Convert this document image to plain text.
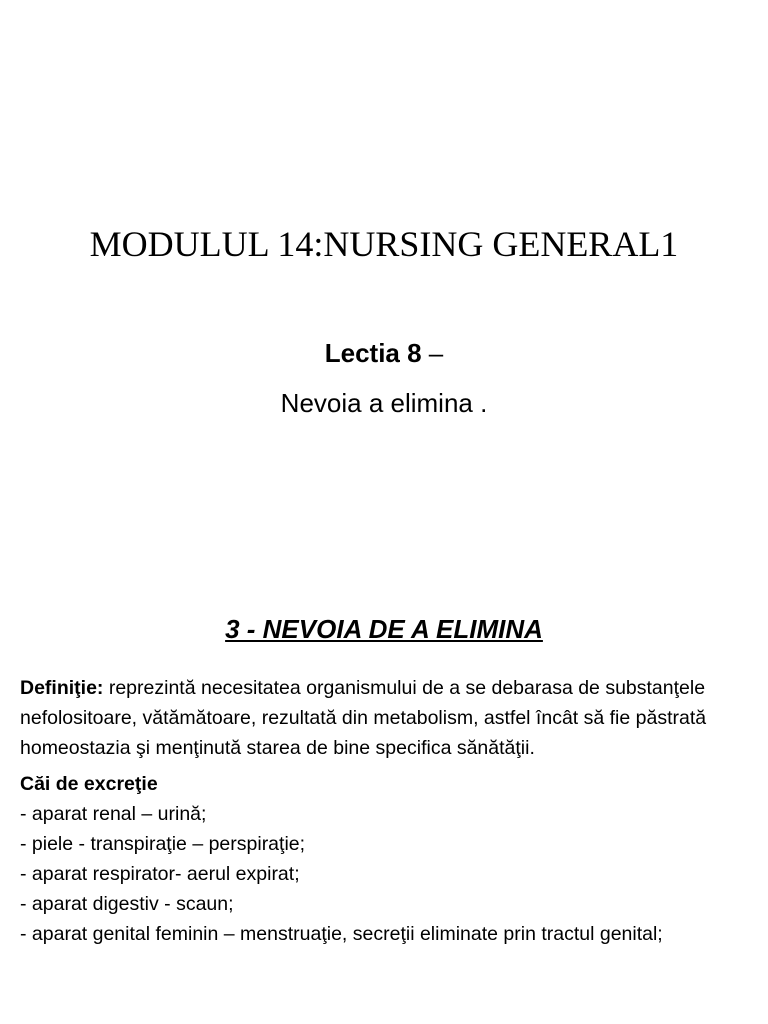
MODULUL 14:NURSING GENERAL1

Lectia 8 –

Nevoia a elimina .

3 - NEVOIA DE A ELIMINA

Definiţie: reprezintă necesitatea organismului de a se debarasa de substanţele nefolositoare, vătămătoare, rezultată din metabolism, astfel încât să fie păstrată homeostazia şi menţinută starea de bine specifica sănătăţii.

Căi de excreţie

- aparat renal – urină;

- piele - transpiraţie – perspiraţie;

- aparat respirator- aerul expirat;

- aparat digestiv - scaun;

- aparat genital feminin – menstruaţie, secreţii eliminate prin tractul genital;
